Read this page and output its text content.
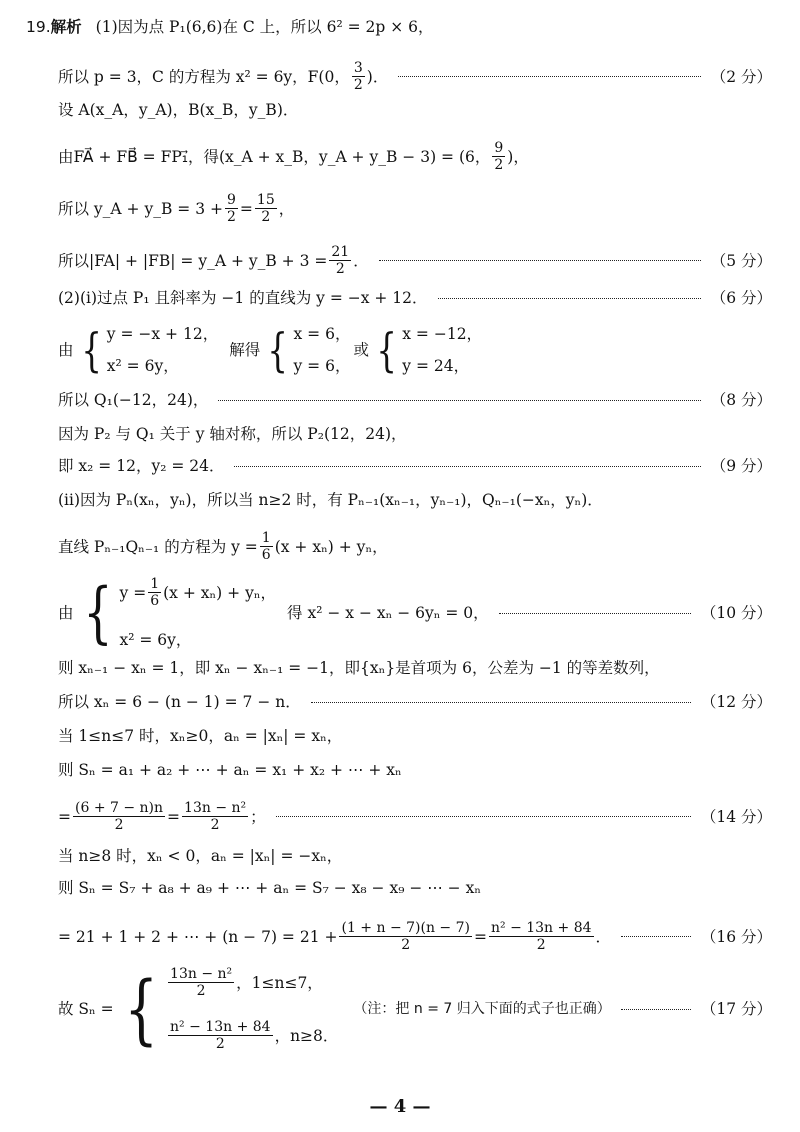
19. 解析 (1)因为点 P₁(6,6)在 C 上，所以 6² = 2p × 6，
所以 p = 3，C 的方程为 x² = 6y，F(0， $\frac{3}{2}$ )．	（2 分）
设 A(x_A，y_A)，B(x_B，y_B)．
由FA⃗ + FB⃗ = FP₁⃗，得(x_A + x_B，y_A + y_B − 3) = (6， $\frac{9}{2}$ )，
所以 y_A + y_B = $3 + \frac{9}{2} = \frac{15}{2}$ ，
所以|FA| + |FB| = y_A + y_B + $3 = \frac{21}{2}$ ．	（5 分）
(2)(ⅰ)过点 P₁ 且斜率为 −1 的直线为 y = −x + 12．	（6 分）
由 { y = −x + 12，
x² = 6y，
解得 { x = 6，
y = 6，
或 { x = −12，
y = 24，
所以 Q₁(−12，24)，	（8 分）
因为 P₂ 与 Q₁ 关于 y 轴对称，所以 P₂(12，24)，
即 x₂ = 12，y₂ = 24．	（9 分）
(ⅱ)因为 Pₙ(xₙ，yₙ)，所以当 n≥2 时，有 Pₙ₋₁(xₙ₋₁，yₙ₋₁)，Qₙ₋₁(−xₙ，yₙ)．
直线 Pₙ₋₁Qₙ₋₁ 的方程为 $y = \frac{1}{6} (x + x_n) + y_n$，
由 { $y = \frac{1}{6} (x + x_n) + y_n$，
x² = 6y，
得 x² − x − xₙ − 6yₙ = 0，	（10 分）
则 xₙ₋₁ − xₙ = 1，即 xₙ − xₙ₋₁ = −1，即{xₙ}是首项为 6，公差为 −1 的等差数列，
所以 xₙ = 6 − (n − 1) = 7 − n．	（12 分）
当 1≤n≤7 时，xₙ≥0，aₙ = |xₙ| = xₙ，
则 Sₙ = a₁ + a₂ + ⋯ + aₙ = x₁ + x₂ + ⋯ + xₙ
= $\frac{(6 + 7 - n)n}{2} = \frac{\text{13n − n²}}{2}$ ；	（14 分）
当 n≥8 时，xₙ < 0，aₙ = |xₙ| = −xₙ，
则 Sₙ = S₇ + a₈ + a₉ + ⋯ + aₙ = S₇ − x₈ − x₉ − ⋯ − xₙ
= 21 + 1 + 2 + ⋯ + $(n - 7) = 21 + \frac{(1 + n - 7)(n - 7)}{2} = \frac{\text{n² − 13n + 84}}{2}$ ．	（16 分）
故 Sₙ = { $\frac{\text{13n − n²}}{2}$ ，1≤n≤7，
$\frac{\text{n² − 13n + 84}}{2}$ ，n≥8．
（注：把 n = 7 归入下面的式子也正确）	（17 分）
— 4 —
